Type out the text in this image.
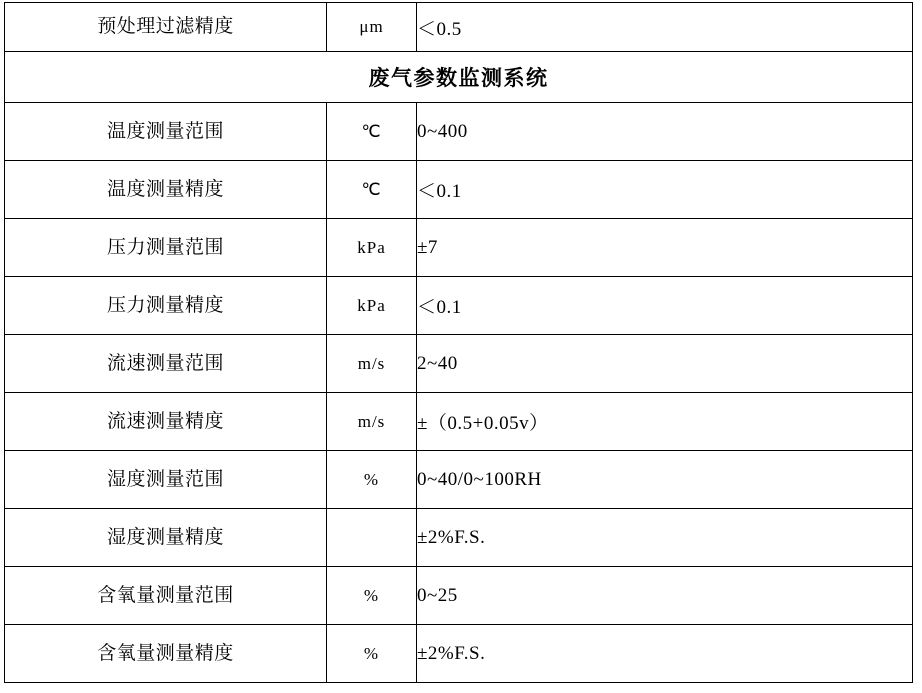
预处理过滤精度	μm	＜0.5
废气参数监测系统		
温度测量范围	℃	0~400
温度测量精度	℃	＜0.1
压力测量范围	kPa	±7
压力测量精度	kPa	＜0.1
流速测量范围	m/s	2~40
流速测量精度	m/s	±（0.5+0.05v）
湿度测量范围	%	0~40/0~100RH
湿度测量精度		±2%F.S.
含氧量测量范围	%	0~25
含氧量测量精度	%	±2%F.S.
